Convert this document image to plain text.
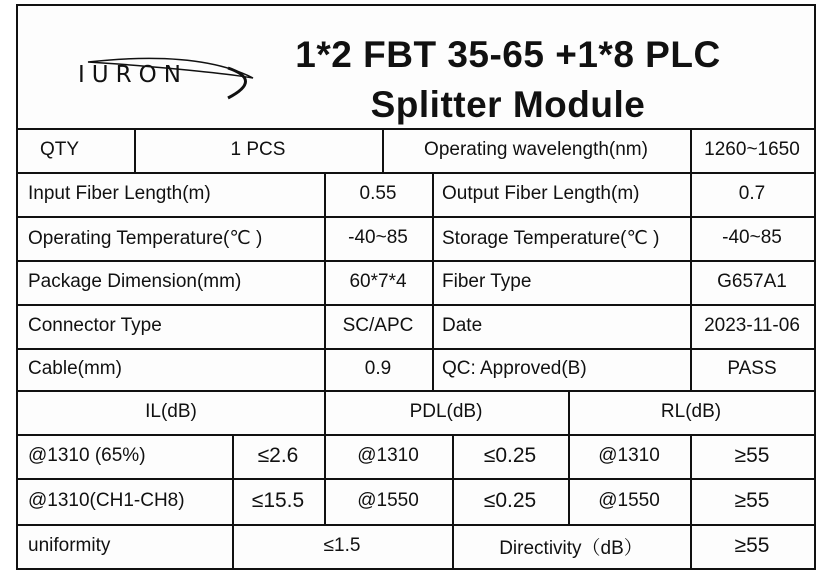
IURON	1*2 FBT 35-65 +1*8 PLC
Splitter Module
QTY	1 PCS	Operating wavelength(nm)	1260~1650
Input Fiber Length(m)	0.55	Output Fiber Length(m)	0.7
Operating Temperature(℃ )	-40~85	Storage Temperature(℃ )	-40~85
Package Dimension(mm)	60*7*4	Fiber Type	G657A1
Connector Type	SC/APC	Date	2023-11-06
Cable(mm)	0.9	QC: Approved(B)	PASS
IL(dB)	PDL(dB)	RL(dB)
@1310 (65%)	≤2.6	@1310	≤0.25	@1310	≥55
@1310(CH1-CH8)	≤15.5	@1550	≤0.25	@1550	≥55
uniformity	≤1.5	Directivity（dB）	≥55
